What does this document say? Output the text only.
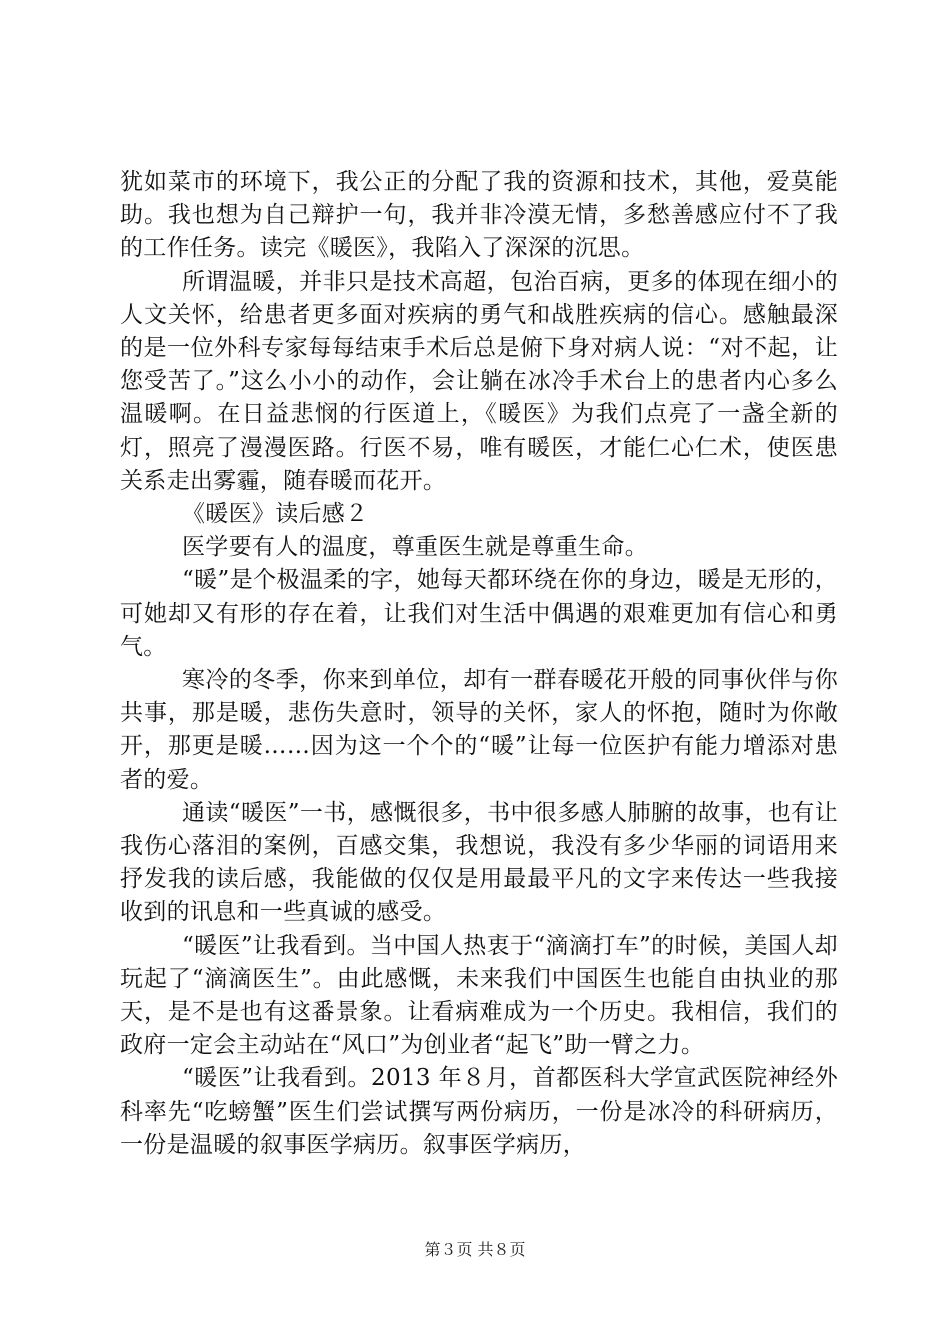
犹如菜市的环境下，我公正的分配了我的资源和技术，其他，爱莫能助。我也想为自己辩护一句，我并非冷漠无情，多愁善感应付不了我的工作任务。读完《暖医》，我陷入了深深的沉思。

所谓温暖，并非只是技术高超，包治百病，更多的体现在细小的人文关怀，给患者更多面对疾病的勇气和战胜疾病的信心。感触最深的是一位外科专家每每结束手术后总是俯下身对病人说：“对不起，让您受苦了。”这么小小的动作，会让躺在冰冷手术台上的患者内心多么温暖啊。在日益悲悯的行医道上，《暖医》为我们点亮了一盏全新的灯，照亮了漫漫医路。行医不易，唯有暖医，才能仁心仁术，使医患关系走出雾霾，随春暖而花开。

《暖医》读后感２

医学要有人的温度，尊重医生就是尊重生命。

“暖”是个极温柔的字，她每天都环绕在你的身边，暖是无形的，可她却又有形的存在着，让我们对生活中偶遇的艰难更加有信心和勇气。

寒冷的冬季，你来到单位，却有一群春暖花开般的同事伙伴与你共事，那是暖，悲伤失意时，领导的关怀，家人的怀抱，随时为你敞开，那更是暖……因为这一个个的“暖”让每一位医护有能力增添对患者的爱。

通读“暖医”一书，感慨很多，书中很多感人肺腑的故事，也有让我伤心落泪的案例，百感交集，我想说，我没有多少华丽的词语用来抒发我的读后感，我能做的仅仅是用最最平凡的文字来传达一些我接收到的讯息和一些真诚的感受。

“暖医”让我看到。当中国人热衷于“滴滴打车”的时候，美国人却玩起了“滴滴医生”。由此感慨，未来我们中国医生也能自由执业的那天，是不是也有这番景象。让看病难成为一个历史。我相信，我们的政府一定会主动站在“风口”为创业者“起飞”助一臂之力。

“暖医”让我看到。2013 年８月，首都医科大学宣武医院神经外科率先“吃螃蟹”医生们尝试撰写两份病历，一份是冰冷的科研病历，一份是温暖的叙事医学病历。叙事医学病历，

第３页 共８页
